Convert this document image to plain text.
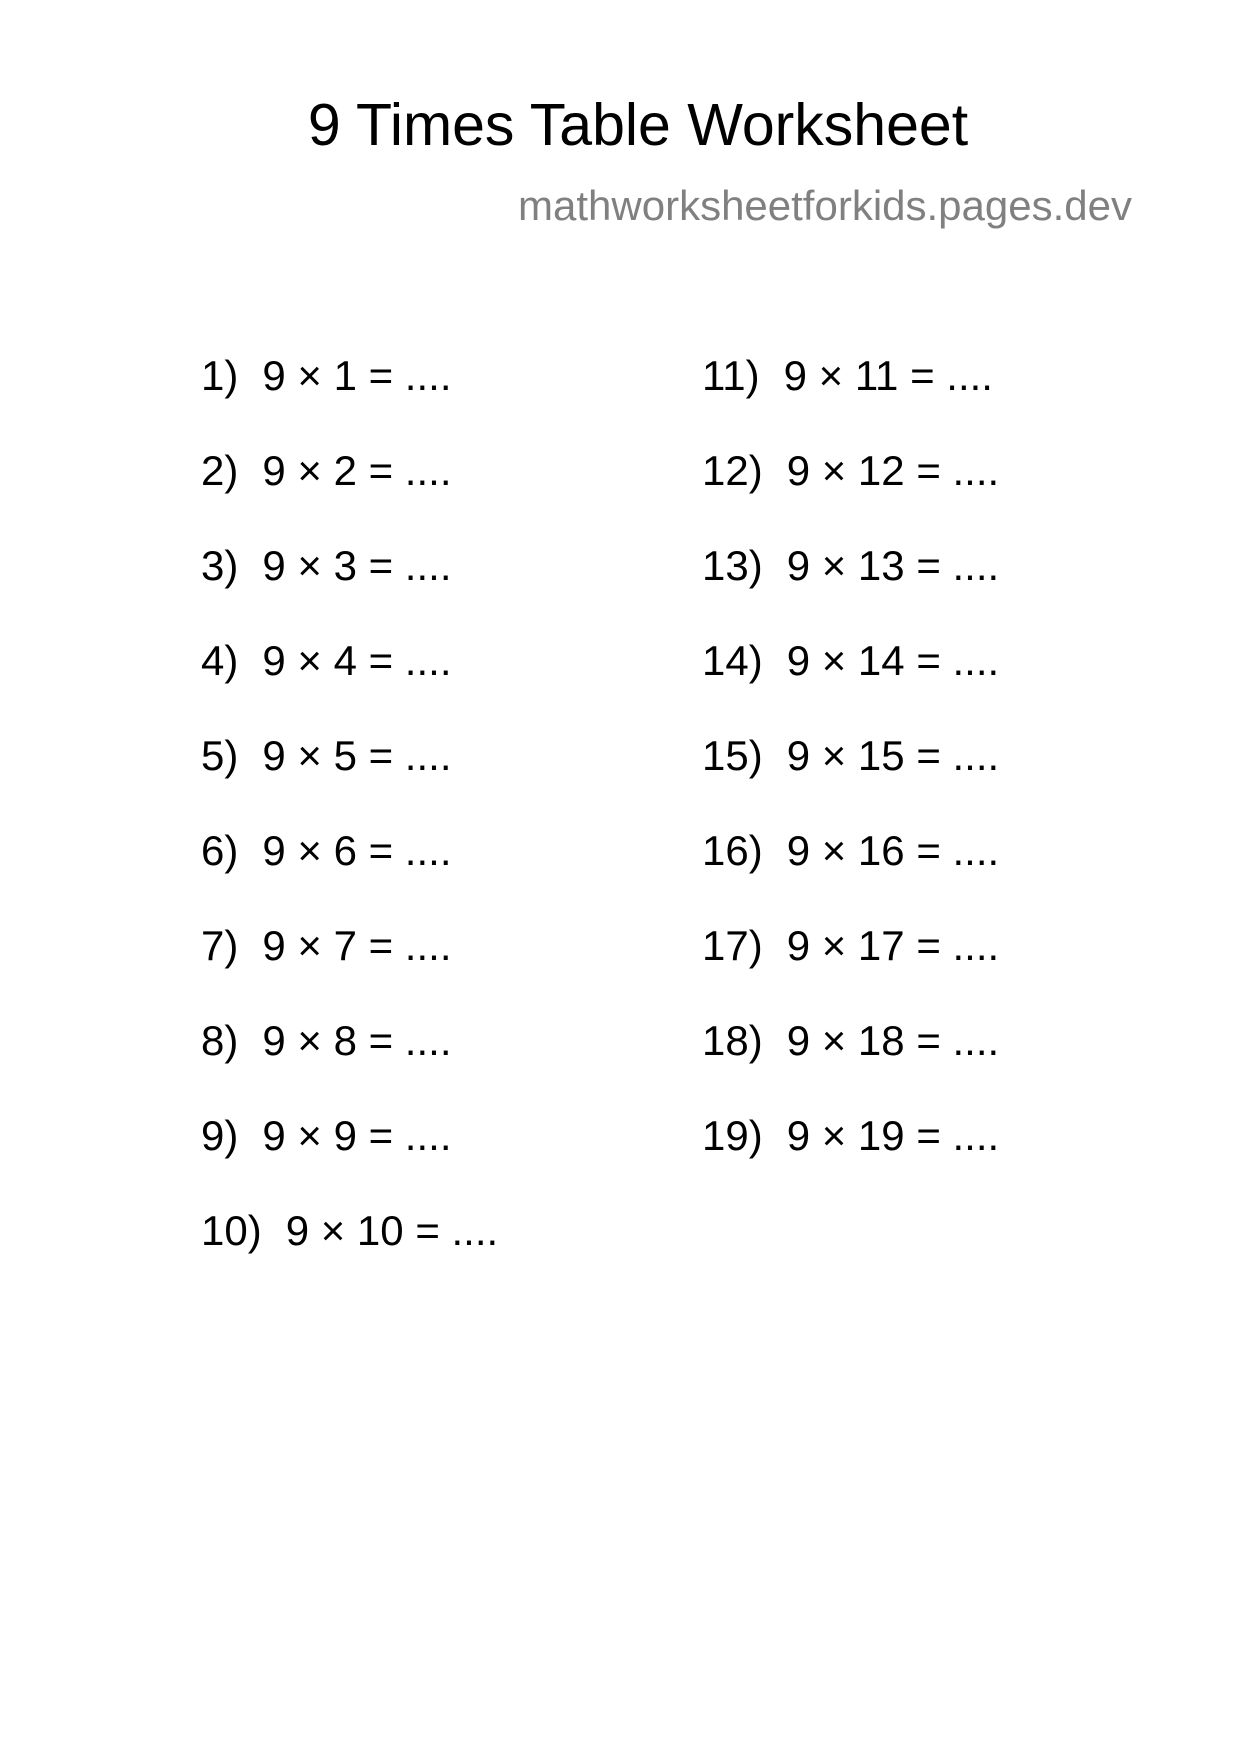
9 Times Table Worksheet
mathworksheetforkids.pages.dev
1) 9 × 1 = ....
2) 9 × 2 = ....
3) 9 × 3 = ....
4) 9 × 4 = ....
5) 9 × 5 = ....
6) 9 × 6 = ....
7) 9 × 7 = ....
8) 9 × 8 = ....
9) 9 × 9 = ....
10) 9 × 10 = ....
11) 9 × 11 = ....
12) 9 × 12 = ....
13) 9 × 13 = ....
14) 9 × 14 = ....
15) 9 × 15 = ....
16) 9 × 16 = ....
17) 9 × 17 = ....
18) 9 × 18 = ....
19) 9 × 19 = ....
